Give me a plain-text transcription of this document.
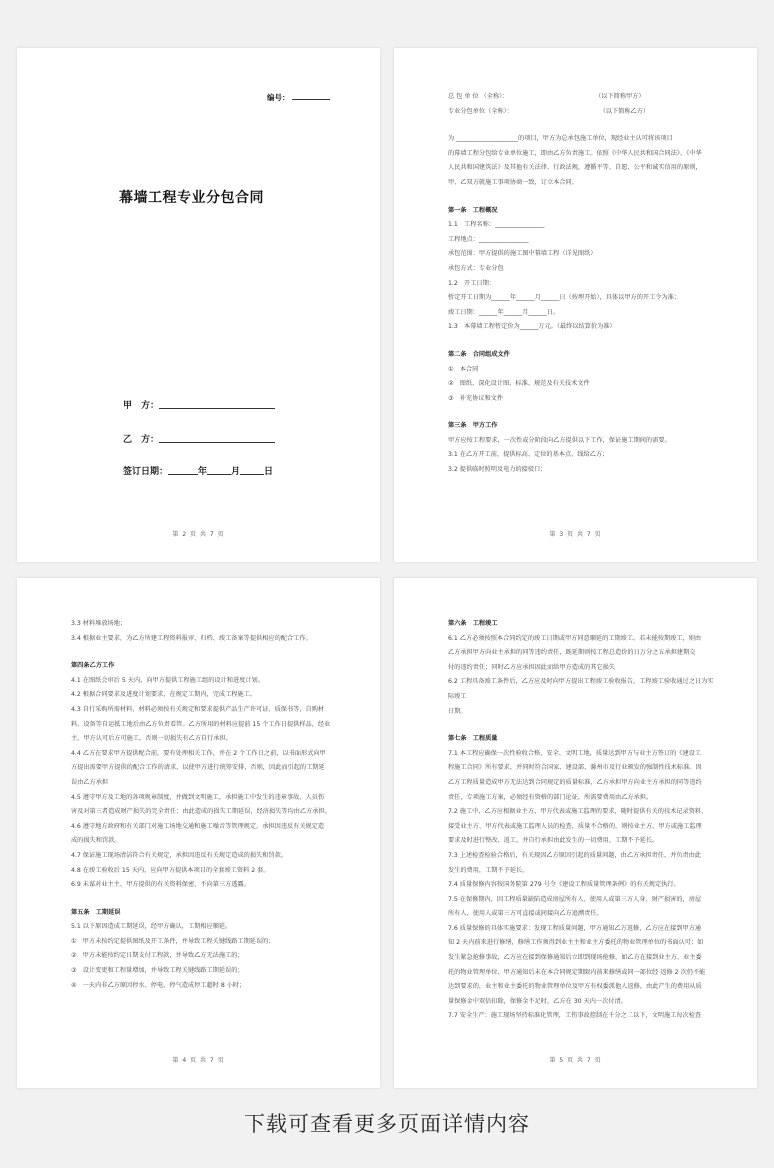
编号：
幕墙工程专业分包合同
甲　方：
乙　方：
签订日期：	年	月	日
第 2 页 共 7 页

总 包 单 位 （全称）：　　　　　　　　　　　　　　　（以下简称甲方）

专业分包单位（全称）：　　　　　　　　　　　　　　　（以下简称乙方）

为 ____________________的项目，甲方为总承包施工单位，现经业主认可将该项目

的幕墙工程分包给专业单位施工，即由乙方负责施工。依照《中华人民共和国合同法》、《中华

人民共和国建筑法》及其他有关法律、行政法规，遵循平等、自愿、公平和诚实信用的原则，

甲、乙双方就施工事项协商一致，订立本合同。

第一条　工程概况

1.1　工程名称：________________

工程地点：________________

承包范围：甲方提供的施工图中幕墙工程（详见图纸）

承包方式：专业分包

1.2　开工日期：

暂定开工日期为______年______月______日（按埋开始），具体以甲方的开工令为准；

竣工日期：______年______月______日。

1.3　本幕墙工程暂定价为______万元。（最终以结算价为准）

第二条　合同组成文件

①　本合同

②　图纸、深化设计图、标准、规范及有关技术文件

③　补充协议和文件

第三条　甲方工作

甲方应按工程要求，一次性或分阶段向乙方提供以下工作，保证施工期间的需要。

3.1 在乙方开工前，提供标高、定位的基本点、线给乙方；

3.2 提供临时照明及电力的接驳口；

第 3 页 共 7 页

3.3 材料堆放场地；

3.4 根据业主要求，为乙方所建工程资料报审、归档、竣工备案等提供相应的配合工作。

第四条乙方工作

4.1 在图纸会审后 5 天内，向甲方提供工程施工组的设计和进度计划。

4.2 根据合同要求及进度计划要求，在规定工期内，完成工程施工。

4.3 自行采购所需材料，材料必须按有关规定和要求提供产品生产许可证、质保书等，自购材

料、设备等自运抵工地后由乙方负责看管。乙方所用的材料应提前 15 个工作日提供样品，经业

主、甲方认可后方可施工，否则一切损失有乙方自行承担。

4.4 乙方在要求甲方提供配合前，要有处理相关工作，并在 2 个工作日之前，以书面形式向甲

方提出需要甲方提供的配合工作的请求，以使甲方进行统筹安排，否则，因此而引起的工期延

误由乙方承担

4.5 遵守甲方及工地的各项规章制度，并做到文明施工，承担施工中发生的违章事故、人员伤

害及对第三者造成财产损失的完全责任；由此造成的损失工期延误，经济损失等均由乙方承担。

4.6 遵守地方政府和有关部门对施工场地交通和施工噪音等管理规定，承担因违反有关规定造

成的损失和罚款。

4.7 保证施工现场清洁符合有关规定，承担因违反有关规定造成的损失和罚款。

4.8 在竣工验收后 15 天内，应向甲方提供本项目的全套竣工资料 2 套。

6.9 未谋对业主主、甲方提供的有关资料保密，不向第三方透露。

第五条　工期延误

5.1 以下原因造成工期延误，经甲方确认，工期相应顺延。

①　甲方未按约定提供图纸及开工条件，并导致工程关键线路工期延误的；

②　甲方未能按约定日期支付工程款，并导致乙方无法施工的；

③　设计变更和工程量增加，并导致工程关键线路工期延误的；

④　一天内非乙方原因停水、停电、停气造成停工超时 8 小时；

第 4 页 共 7 页

第六条　工程竣工

6.1 乙方必须按照本合同约定的竣工日期或甲方同意顺延的工期竣工。若未能按期竣工，则由

乙方承担甲方向业主承担的同等违约责任，既延期则按工程总造价的日万分之五承担建期交

付的违约责任；同时乙方应承担因此而给甲方造成的其它损失

6.2 工程具备竣工条件后，乙方应及时向甲方提出工程竣工验收报告，工程竣工验收通过之日为实际竣工

日期。

第七条　工程质量

7.1 本工程应确保一次性验收合格，安全、文明工地，质量达到甲方与业主方签订的《建设工

程施工合同》所有要求，并同时符合国家、建设部、滁州市及行业颁发的强制性技术标准。因

乙方工程质量造成甲方无法达到合同规定的质量标准，乙方承担甲方向业主方承担的同等违约

责任，专项施工方案，必须经有资格的部门论证，所需要费用由乙方承担。

7.2 施工中，乙方应根据业主方、甲方代表或施工监理的要求，随时提供有关的技术记录资料，

接受业主方、甲方代表或施工监理人员的检查，质量不合格的，则按业主方、甲方或施工监理

要求及时进行整改、返工，并自行承担由此发生的一切费用，工期不予延长。

7.3 上述检查检验合格后，有关现因乙方原因引起的质量问题，由乙方承担责任，并负责由此

发生的费用，工期不予延长。

7.4 质量保修内容按国务院第 279 号令《建设工程质量管理条例》的有关规定执行。

7.5 在保修期内，因工程质量缺陷造成房屋所有人、使用人或第三方人身、财产损害的，房屋

所有人、使用人或第三方可直接或间接向乙方追溯责任。

7.6 质量保修的具体实施要求：发现工程质量问题，甲方通知乙方返修，乙方应在接到甲方通

知 2 天内前来进行修缮，修缮工作须得到业主主和业主方委托的物业管理单位的书面认可；如

发生紧急抢修事故，乙方应在接到保修通知后立即到现场抢修，如乙方在接到业主方、业主委

托的物业管理单位、甲方通知后未在本合同规定期限内前来修缮或同一部位经 返修 2 次仍不能

达到要求的，业主和业主委托的物业管理单位及甲方有权委派他人返修，由此产生的费用从质

量保修金中双倍扣除，保修金不足时，乙方在 30 天内一次付清。

7.7 安全生产：施工现场坚持标准化管理，工伤事故控制在千分之二以下，文明施工每次检查

第 5 页 共 7 页
下载可查看更多页面详情内容
